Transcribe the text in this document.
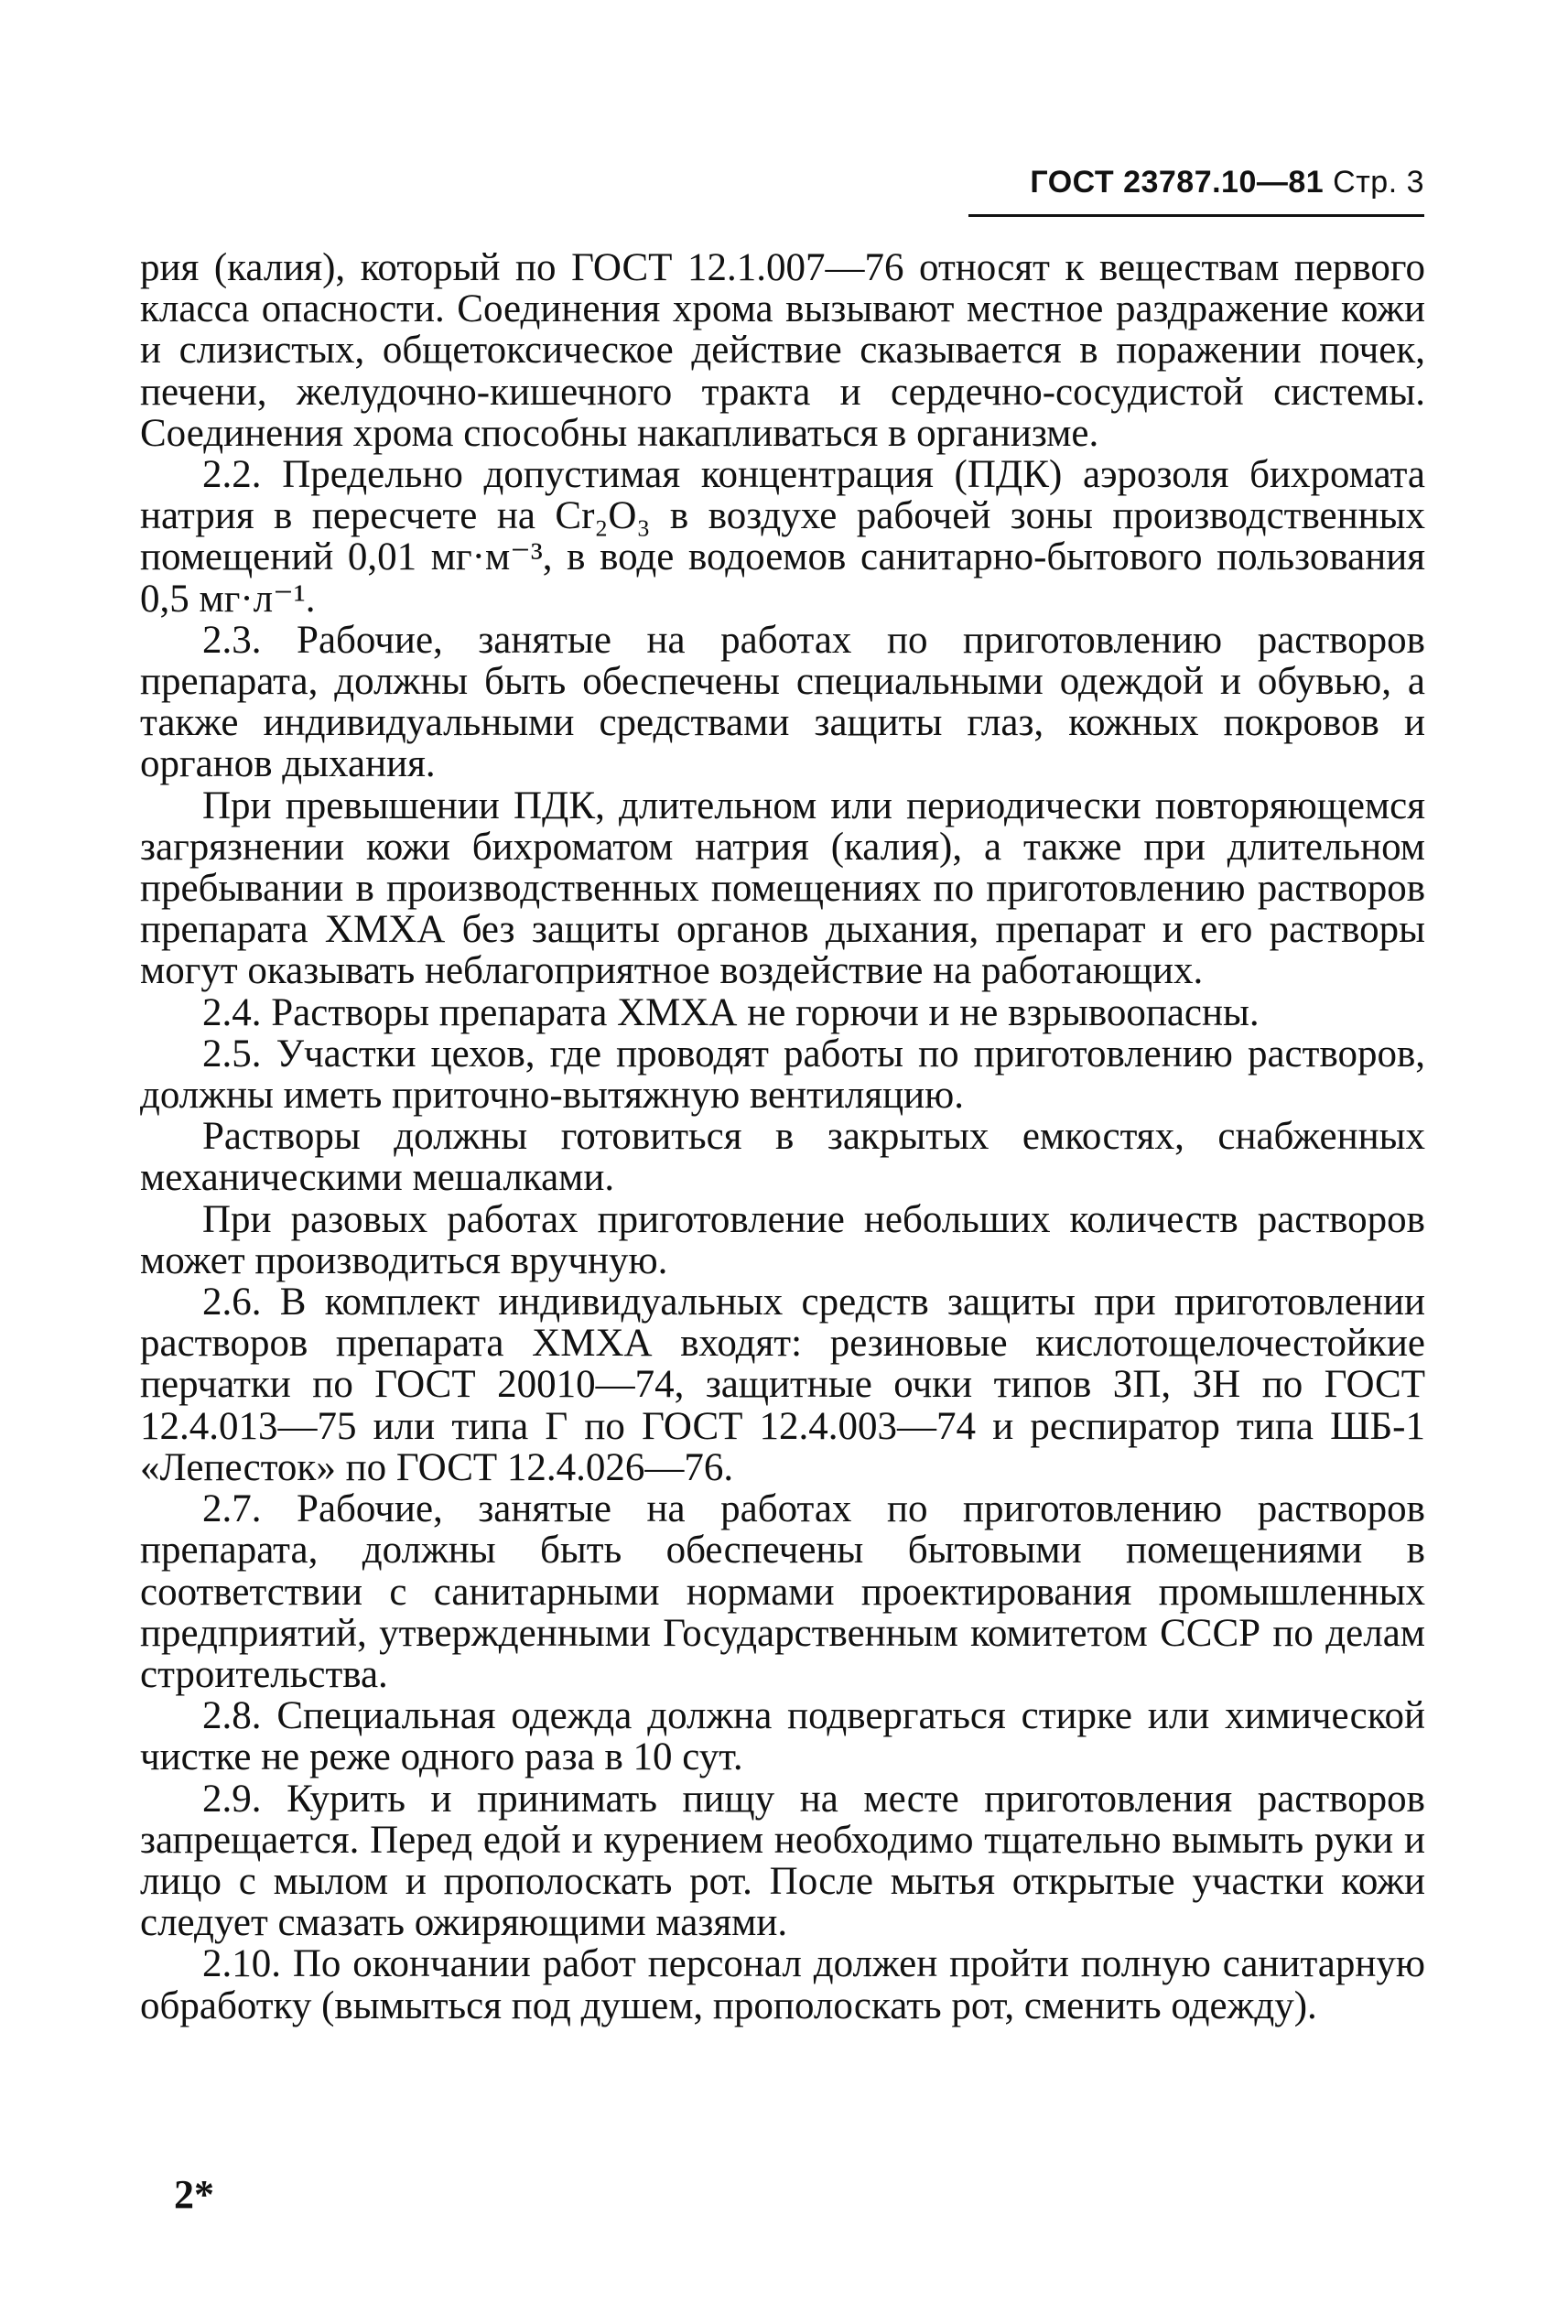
ГОСТ 23787.10—81 Стр. 3

рия (калия), который по ГОСТ 12.1.007—76 относят к веществам первого класса опасности. Соединения хрома вызывают местное раздражение кожи и слизистых, общетоксическое действие сказывается в поражении почек, печени, желудочно-кишечного тракта и сердечно-сосудистой системы. Соединения хрома способны накапливаться в организме.

2.2. Предельно допустимая концентрация (ПДК) аэрозоля бихромата натрия в пересчете на Cr₂O₃ в воздухе рабочей зоны производственных помещений 0,01 мг·м⁻³, в воде водоемов санитарно-бытового пользования 0,5 мг·л⁻¹.

2.3. Рабочие, занятые на работах по приготовлению растворов препарата, должны быть обеспечены специальными одеждой и обувью, а также индивидуальными средствами защиты глаз, кожных покровов и органов дыхания.

При превышении ПДК, длительном или периодически повторяющемся загрязнении кожи бихроматом натрия (калия), а также при длительном пребывании в производственных помещениях по приготовлению растворов препарата ХМХА без защиты органов дыхания, препарат и его растворы могут оказывать неблагоприятное воздействие на работающих.

2.4. Растворы препарата ХМХА не горючи и не взрывоопасны.

2.5. Участки цехов, где проводят работы по приготовлению растворов, должны иметь приточно-вытяжную вентиляцию.

Растворы должны готовиться в закрытых емкостях, снабженных механическими мешалками.

При разовых работах приготовление небольших количеств растворов может производиться вручную.

2.6. В комплект индивидуальных средств защиты при приготовлении растворов препарата ХМХА входят: резиновые кислотощелочестойкие перчатки по ГОСТ 20010—74, защитные очки типов ЗП, ЗН по ГОСТ 12.4.013—75 или типа Г по ГОСТ 12.4.003—74 и респиратор типа ШБ-1 «Лепесток» по ГОСТ 12.4.026—76.

2.7. Рабочие, занятые на работах по приготовлению растворов препарата, должны быть обеспечены бытовыми помещениями в соответствии с санитарными нормами проектирования промышленных предприятий, утвержденными Государственным комитетом СССР по делам строительства.

2.8. Специальная одежда должна подвергаться стирке или химической чистке не реже одного раза в 10 сут.

2.9. Курить и принимать пищу на месте приготовления растворов запрещается. Перед едой и курением необходимо тщательно вымыть руки и лицо с мылом и прополоскать рот. После мытья открытые участки кожи следует смазать ожиряющими мазями.

2.10. По окончании работ персонал должен пройти полную санитарную обработку (вымыться под душем, прополоскать рот, сменить одежду).

2*
